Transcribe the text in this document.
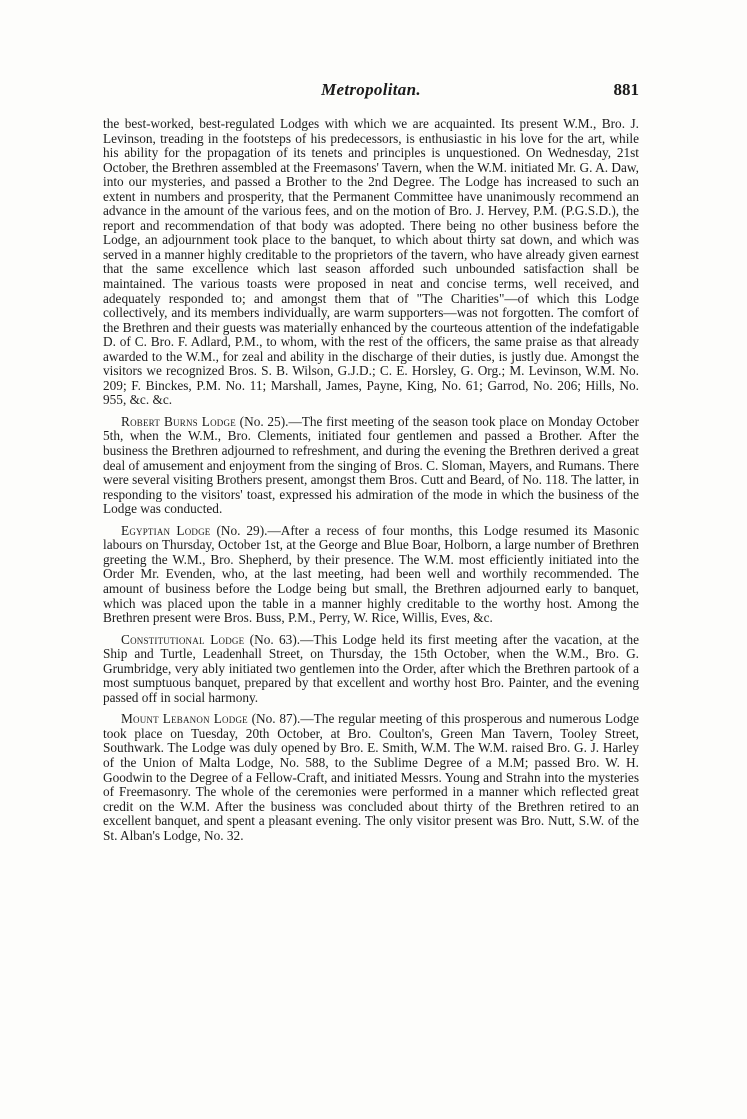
Metropolitan.	881

the best-worked, best-regulated Lodges with which we are acquainted. Its present W.M., Bro. J. Levinson, treading in the footsteps of his predecessors, is enthusiastic in his love for the art, while his ability for the propagation of its tenets and principles is unquestioned. On Wednesday, 21st October, the Brethren assembled at the Freemasons' Tavern, when the W.M. initiated Mr. G. A. Daw, into our mysteries, and passed a Brother to the 2nd Degree. The Lodge has increased to such an extent in numbers and prosperity, that the Permanent Committee have unanimously recommend an advance in the amount of the various fees, and on the motion of Bro. J. Hervey, P.M. (P.G.S.D.), the report and recommendation of that body was adopted. There being no other business before the Lodge, an adjournment took place to the banquet, to which about thirty sat down, and which was served in a manner highly creditable to the proprietors of the tavern, who have already given earnest that the same excellence which last season afforded such unbounded satisfaction shall be maintained. The various toasts were proposed in neat and concise terms, well received, and adequately responded to; and amongst them that of "The Charities"—of which this Lodge collectively, and its members individually, are warm supporters—was not forgotten. The comfort of the Brethren and their guests was materially enhanced by the courteous attention of the indefatigable D. of C. Bro. F. Adlard, P.M., to whom, with the rest of the officers, the same praise as that already awarded to the W.M., for zeal and ability in the discharge of their duties, is justly due. Amongst the visitors we recognized Bros. S. B. Wilson, G.J.D.; C. E. Horsley, G. Org.; M. Levinson, W.M. No. 209; F. Binckes, P.M. No. 11; Marshall, James, Payne, King, No. 61; Garrod, No. 206; Hills, No. 955, &c. &c.

Robert Burns Lodge (No. 25).—The first meeting of the season took place on Monday October 5th, when the W.M., Bro. Clements, initiated four gentlemen and passed a Brother. After the business the Brethren adjourned to refreshment, and during the evening the Brethren derived a great deal of amusement and enjoyment from the singing of Bros. C. Sloman, Mayers, and Rumans. There were several visiting Brothers present, amongst them Bros. Cutt and Beard, of No. 118. The latter, in responding to the visitors' toast, expressed his admiration of the mode in which the business of the Lodge was conducted.

Egyptian Lodge (No. 29).—After a recess of four months, this Lodge resumed its Masonic labours on Thursday, October 1st, at the George and Blue Boar, Holborn, a large number of Brethren greeting the W.M., Bro. Shepherd, by their presence. The W.M. most efficiently initiated into the Order Mr. Evenden, who, at the last meeting, had been well and worthily recommended. The amount of business before the Lodge being but small, the Brethren adjourned early to banquet, which was placed upon the table in a manner highly creditable to the worthy host. Among the Brethren present were Bros. Buss, P.M., Perry, W. Rice, Willis, Eves, &c.

Constitutional Lodge (No. 63).—This Lodge held its first meeting after the vacation, at the Ship and Turtle, Leadenhall Street, on Thursday, the 15th October, when the W.M., Bro. G. Grumbridge, very ably initiated two gentlemen into the Order, after which the Brethren partook of a most sumptuous banquet, prepared by that excellent and worthy host Bro. Painter, and the evening passed off in social harmony.

Mount Lebanon Lodge (No. 87).—The regular meeting of this prosperous and numerous Lodge took place on Tuesday, 20th October, at Bro. Coulton's, Green Man Tavern, Tooley Street, Southwark. The Lodge was duly opened by Bro. E. Smith, W.M. The W.M. raised Bro. G. J. Harley of the Union of Malta Lodge, No. 588, to the Sublime Degree of a M.M; passed Bro. W. H. Goodwin to the Degree of a Fellow-Craft, and initiated Messrs. Young and Strahn into the mysteries of Freemasonry. The whole of the ceremonies were performed in a manner which reflected great credit on the W.M. After the business was concluded about thirty of the Brethren retired to an excellent banquet, and spent a pleasant evening. The only visitor present was Bro. Nutt, S.W. of the St. Alban's Lodge, No. 32.
